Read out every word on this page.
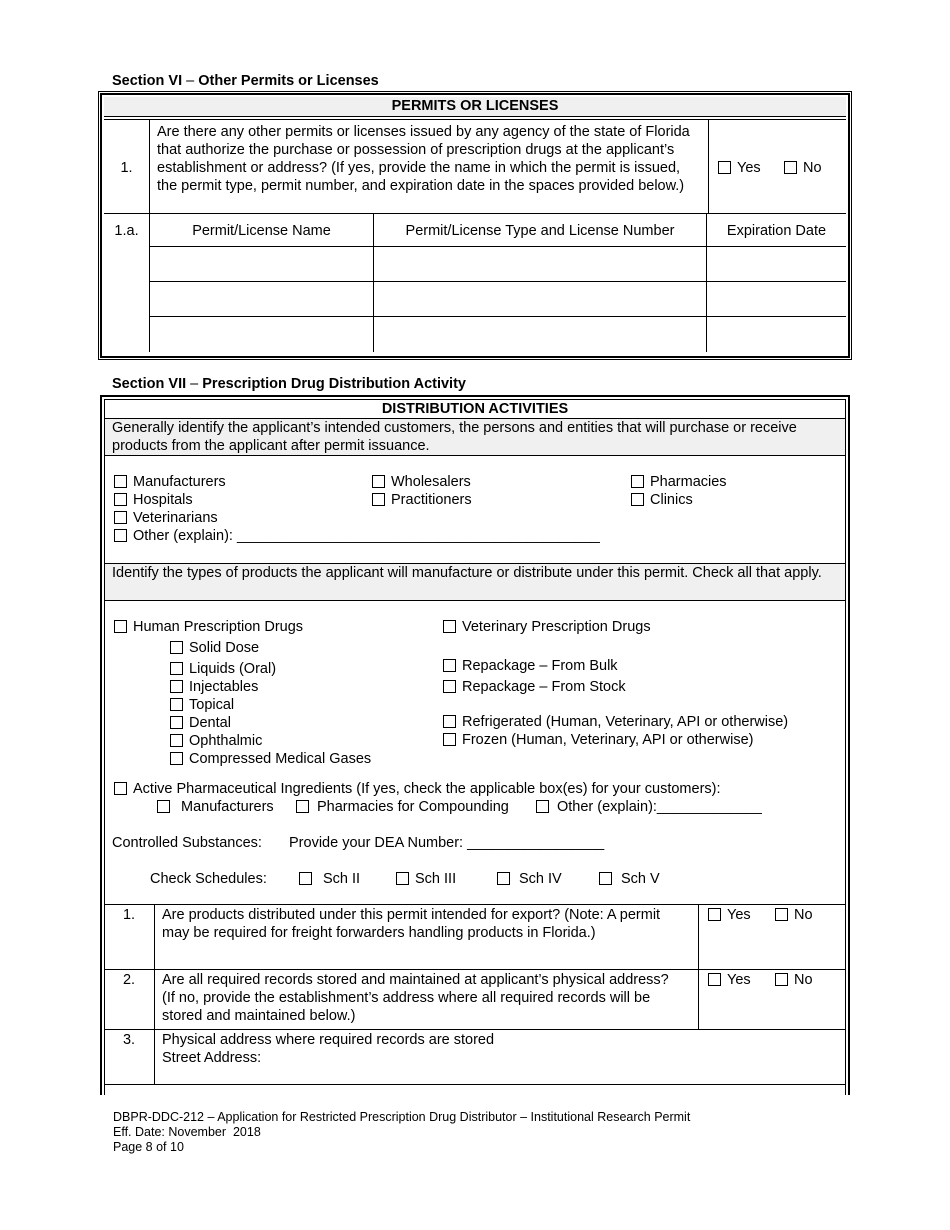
Section VI – Other Permits or Licenses
PERMITS OR LICENSES
1.
Are there any other permits or licenses issued by any agency of the state of Florida that authorize the purchase or possession of prescription drugs at the applicant’s establishment or address? (If yes, provide the name in which the permit is issued, the permit type, permit number, and expiration date in the spaces provided below.)
Yes	No
1.a.	Permit/License Name	Permit/License Type and License Number	Expiration Date
Section VII – Prescription Drug Distribution Activity
DISTRIBUTION ACTIVITIES
Generally identify the applicant’s intended customers, the persons and entities that will purchase or receive products from the applicant after permit issuance.
Manufacturers	Wholesalers	Pharmacies
Hospitals	Practitioners	Clinics
Veterinarians
Other (explain): _____________________________________________
Identify the types of products the applicant will manufacture or distribute under this permit. Check all that apply.
Human Prescription Drugs
Solid Dose
Liquids (Oral)
Injectables
Topical
Dental
Ophthalmic
Compressed Medical Gases
Veterinary Prescription Drugs
Repackage – From Bulk
Repackage – From Stock
Refrigerated (Human, Veterinary, API or otherwise)
Frozen (Human, Veterinary, API or otherwise)
Active Pharmaceutical Ingredients (If yes, check the applicable box(es) for your customers):
Manufacturers	Pharmacies for Compounding	Other (explain):_____________
Controlled Substances: Provide your DEA Number: _________________
Check Schedules:	Sch II	Sch III	Sch IV	Sch V
1.	Are products distributed under this permit intended for export? (Note: A permit may be required for freight forwarders handling products in Florida.)
Yes	No
2.	Are all required records stored and maintained at applicant’s physical address? (If no, provide the establishment’s address where all required records will be stored and maintained below.)
Yes	No
3.	Physical address where required records are stored
Street Address:
DBPR-DDC-212 – Application for Restricted Prescription Drug Distributor – Institutional Research Permit
Eff. Date: November  2018
Page 8 of 10
